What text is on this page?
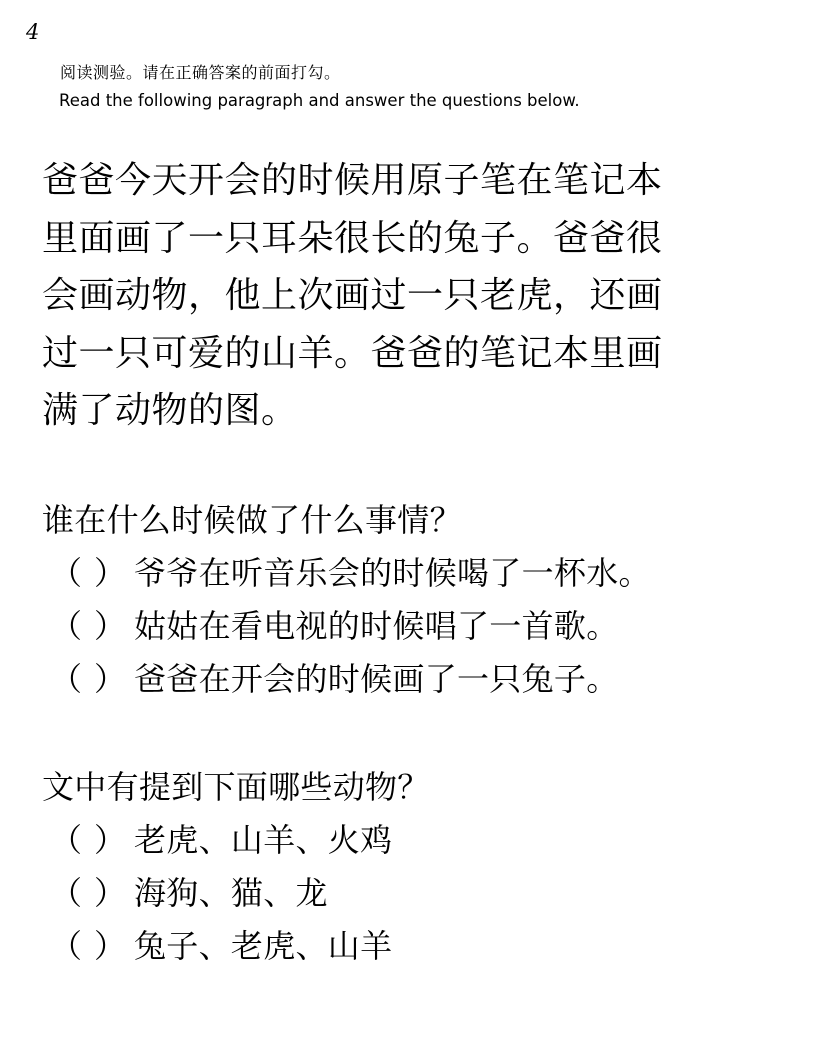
4
阅读测验。请在正确答案的前面打勾。
Read the following paragraph and answer the questions below.
爸爸今天开会的时候用原子笔在笔记本
里面画了一只耳朵很长的兔子。爸爸很
会画动物，他上次画过一只老虎，还画
过一只可爱的山羊。爸爸的笔记本里画
满了动物的图。
谁在什么时候做了什么事情？
（ ） 爷爷在听音乐会的时候喝了一杯水。
（ ） 姑姑在看电视的时候唱了一首歌。
（ ） 爸爸在开会的时候画了一只兔子。
文中有提到下面哪些动物？
（ ） 老虎、山羊、火鸡
（ ） 海狗、猫、龙
（ ） 兔子、老虎、山羊
